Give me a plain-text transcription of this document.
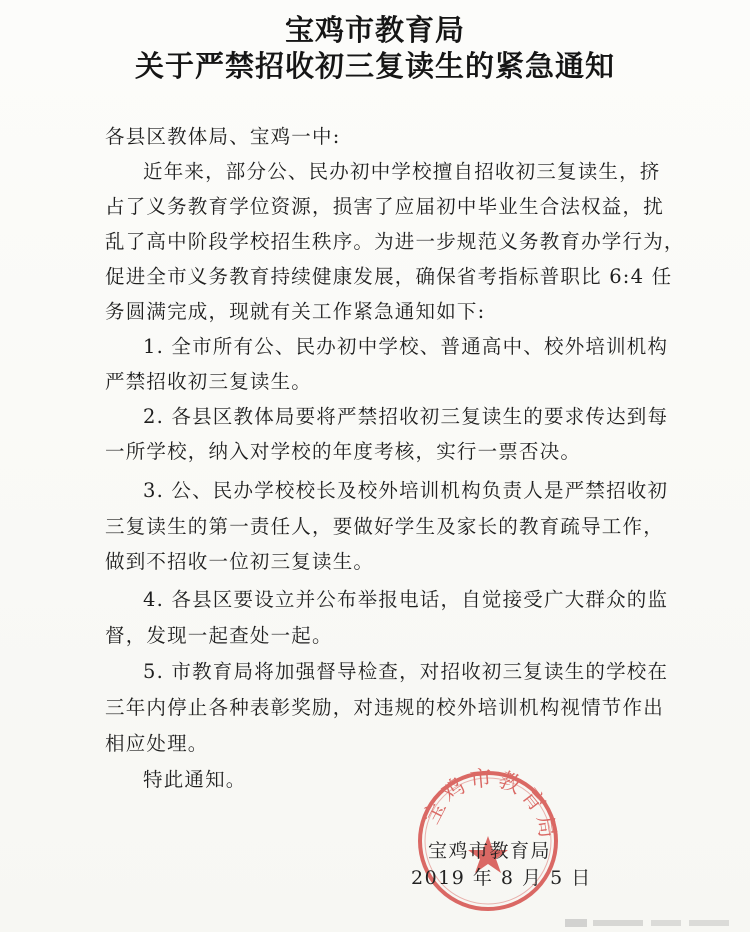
宝鸡市教育局
关于严禁招收初三复读生的紧急通知

各县区教体局、宝鸡一中:

近年来，部分公、民办初中学校擅自招收初三复读生，挤

占了义务教育学位资源，损害了应届初中毕业生合法权益，扰

乱了高中阶段学校招生秩序。为进一步规范义务教育办学行为，

促进全市义务教育持续健康发展，确保省考指标普职比 6:4 任

务圆满完成，现就有关工作紧急通知如下:

1. 全市所有公、民办初中学校、普通高中、校外培训机构

严禁招收初三复读生。

2. 各县区教体局要将严禁招收初三复读生的要求传达到每

一所学校，纳入对学校的年度考核，实行一票否决。

3. 公、民办学校校长及校外培训机构负责人是严禁招收初

三复读生的第一责任人，要做好学生及家长的教育疏导工作，

做到不招收一位初三复读生。

4. 各县区要设立并公布举报电话，自觉接受广大群众的监

督，发现一起查处一起。

5. 市教育局将加强督导检查，对招收初三复读生的学校在

三年内停止各种表彰奖励，对违规的校外培训机构视情节作出

相应处理。

特此通知。

宝鸡市教育局
宝鸡市教育局
2019 年 8 月 5 日
